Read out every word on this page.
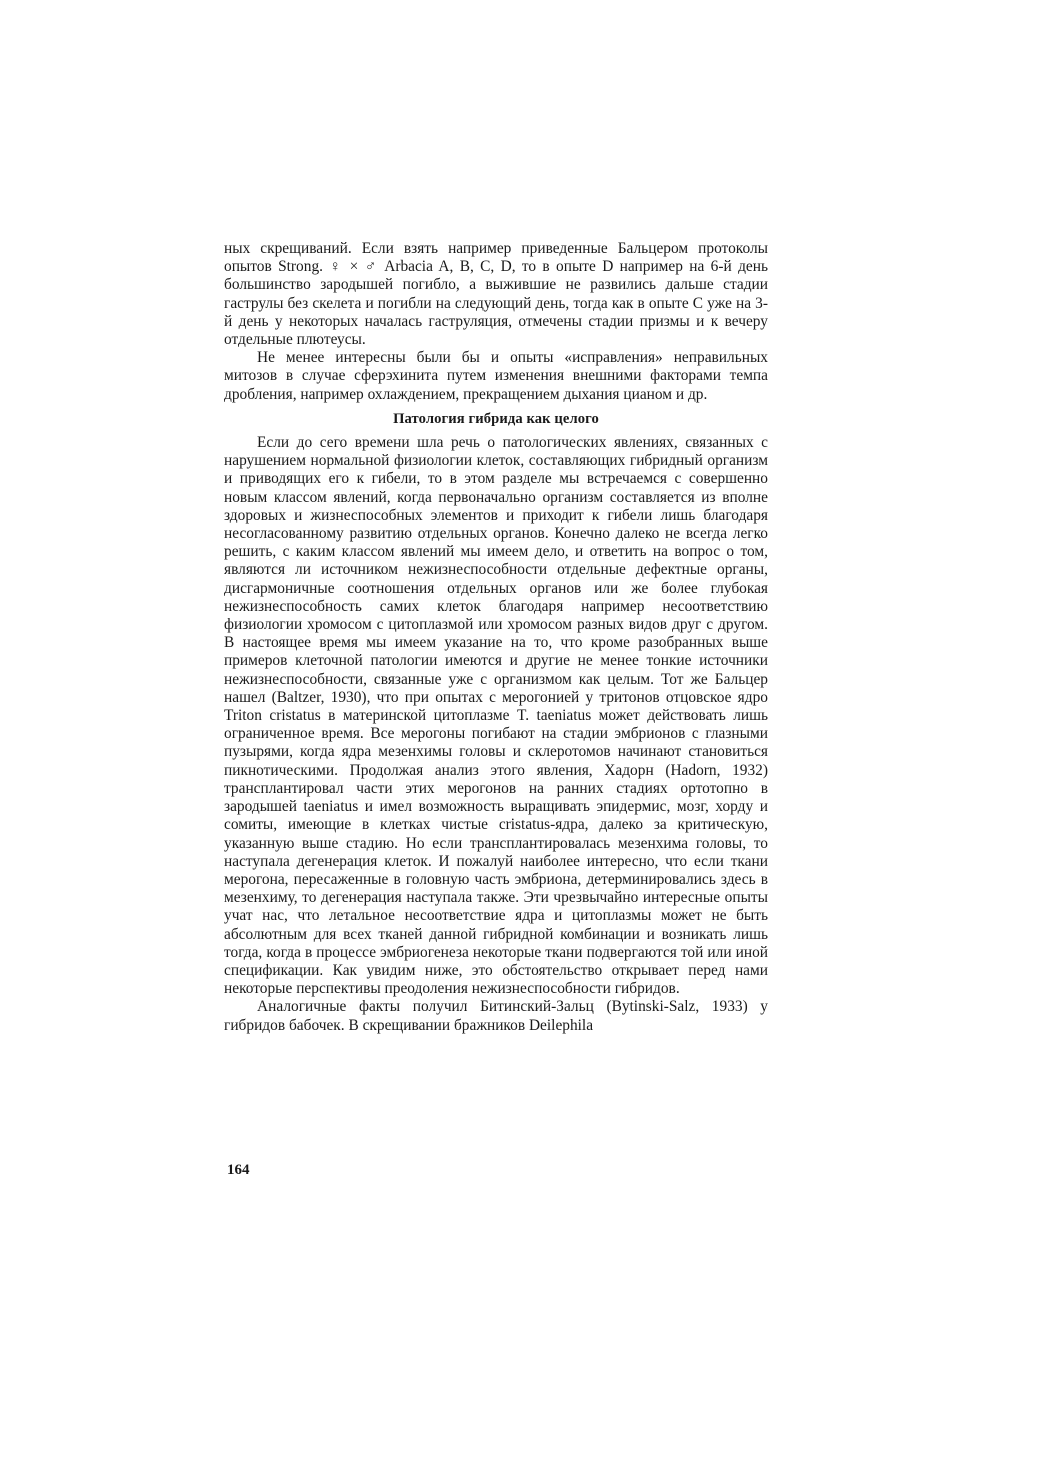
ных скрещиваний. Если взять например приведенные Бальцером протоколы опытов Strong. ♀ × ♂ Arbacia A, B, C, D, то в опыте D например на 6-й день большинство зародышей погибло, а выжившие не развились дальше стадии гаструлы без скелета и погибли на следующий день, тогда как в опыте C уже на 3-й день у некоторых началась гаструляция, отмечены стадии призмы и к вечеру отдельные плютеусы.

Не менее интересны были бы и опыты «исправления» неправильных митозов в случае сферэхинита путем изменения внешними факторами темпа дробления, например охлаждением, прекращением дыхания цианом и др.

Патология гибрида как целого

Если до сего времени шла речь о патологических явлениях, связанных с нарушением нормальной физиологии клеток, составляющих гибридный организм и приводящих его к гибели, то в этом разделе мы встречаемся с совершенно новым классом явлений, когда первоначально организм составляется из вполне здоровых и жизнеспособных элементов и приходит к гибели лишь благодаря несогласованному развитию отдельных органов. Конечно далеко не всегда легко решить, с каким классом явлений мы имеем дело, и ответить на вопрос о том, являются ли источником нежизнеспособности отдельные дефектные органы, дисгармоничные соотношения отдельных органов или же более глубокая нежизнеспособность самих клеток благодаря например несоответствию физиологии хромосом с цитоплазмой или хромосом разных видов друг с другом. В настоящее время мы имеем указание на то, что кроме разобранных выше примеров клеточной патологии имеются и другие не менее тонкие источники нежизнеспособности, связанные уже с организмом как целым. Тот же Бальцер нашел (Baltzer, 1930), что при опытах с мерогонией у тритонов отцовское ядро Triton cristatus в материнской цитоплазме T. taeniatus может действовать лишь ограниченное время. Все мерогоны погибают на стадии эмбрионов с глазными пузырями, когда ядра мезенхимы головы и склеротомов начинают становиться пикнотическими. Продолжая анализ этого явления, Хадорн (Hadorn, 1932) трансплантировал части этих мерогонов на ранних стадиях ортотопно в зародышей taeniatus и имел возможность выращивать эпидермис, мозг, хорду и сомиты, имеющие в клетках чистые cristatus-ядра, далеко за критическую, указанную выше стадию. Но если трансплантировалась мезенхима головы, то наступала дегенерация клеток. И пожалуй наиболее интересно, что если ткани мерогона, пересаженные в головную часть эмбриона, детерминировались здесь в мезенхиму, то дегенерация наступала также. Эти чрезвычайно интересные опыты учат нас, что летальное несоответствие ядра и цитоплазмы может не быть абсолютным для всех тканей данной гибридной комбинации и возникать лишь тогда, когда в процессе эмбриогенеза некоторые ткани подвергаются той или иной спецификации. Как увидим ниже, это обстоятельство открывает перед нами некоторые перспективы преодоления нежизнеспособности гибридов.

Аналогичные факты получил Битинский-Зальц (Bytinski-Salz, 1933) у гибридов бабочек. В скрещивании бражников Deilephila

164
